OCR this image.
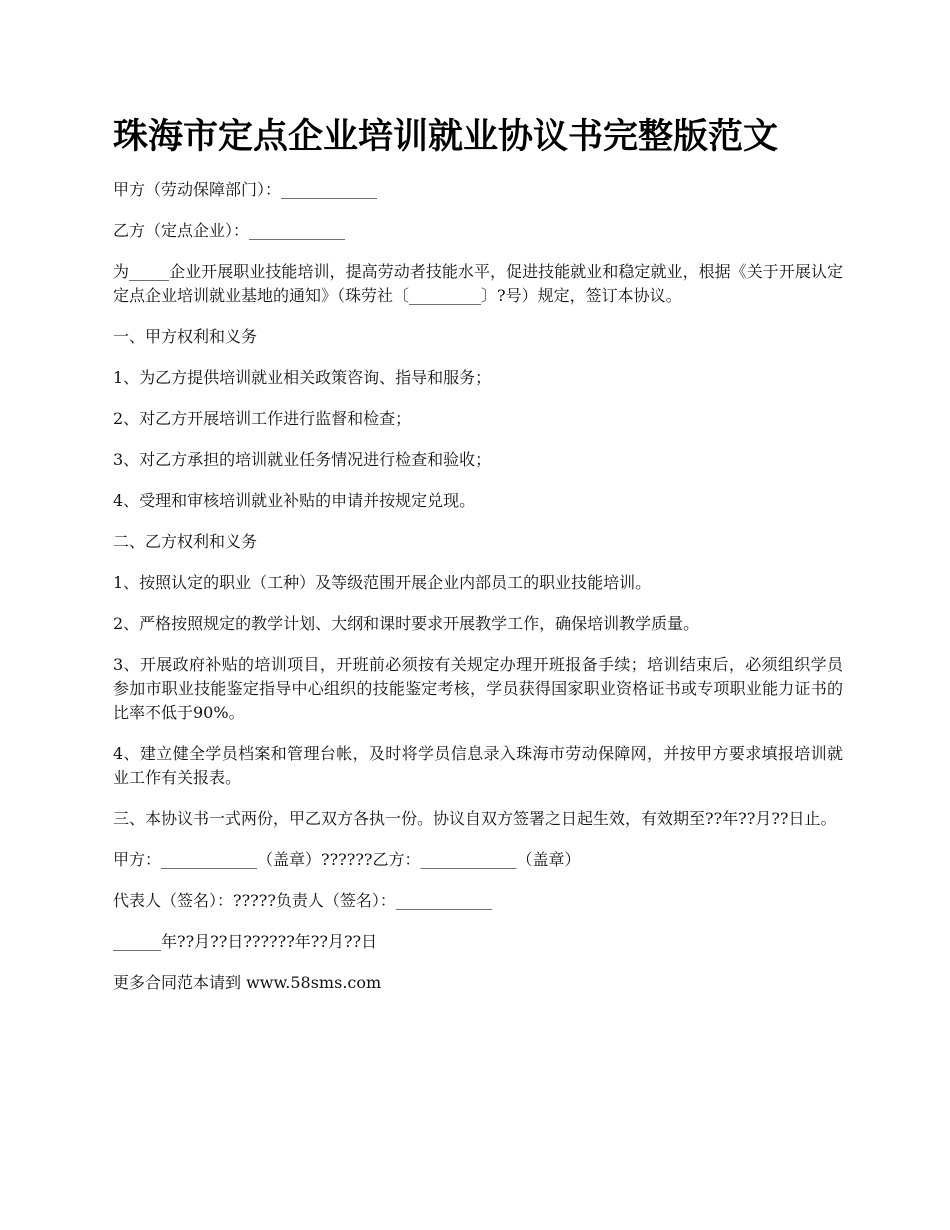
珠海市定点企业培训就业协议书完整版范文

甲方（劳动保障部门）：____________

乙方（定点企业）：____________

为_____企业开展职业技能培训，提高劳动者技能水平，促进技能就业和稳定就业，根据《关于开展认定定点企业培训就业基地的通知》（珠劳社〔_________〕?号）规定，签订本协议。

一、甲方权利和义务

1、为乙方提供培训就业相关政策咨询、指导和服务；

2、对乙方开展培训工作进行监督和检查；

3、对乙方承担的培训就业任务情况进行检查和验收；

4、受理和审核培训就业补贴的申请并按规定兑现。

二、乙方权利和义务

1、按照认定的职业（工种）及等级范围开展企业内部员工的职业技能培训。

2、严格按照规定的教学计划、大纲和课时要求开展教学工作，确保培训教学质量。

3、开展政府补贴的培训项目，开班前必须按有关规定办理开班报备手续；培训结束后，必须组织学员参加市职业技能鉴定指导中心组织的技能鉴定考核，学员获得国家职业资格证书或专项职业能力证书的比率不低于90%。

4、建立健全学员档案和管理台帐，及时将学员信息录入珠海市劳动保障网，并按甲方要求填报培训就业工作有关报表。

三、本协议书一式两份，甲乙双方各执一份。协议自双方签署之日起生效，有效期至??年??月??日止。

甲方：____________（盖章）??????乙方：____________（盖章）

代表人（签名）：?????负责人（签名）：____________

______年??月??日??????年??月??日

更多合同范本请到 www.58sms.com
